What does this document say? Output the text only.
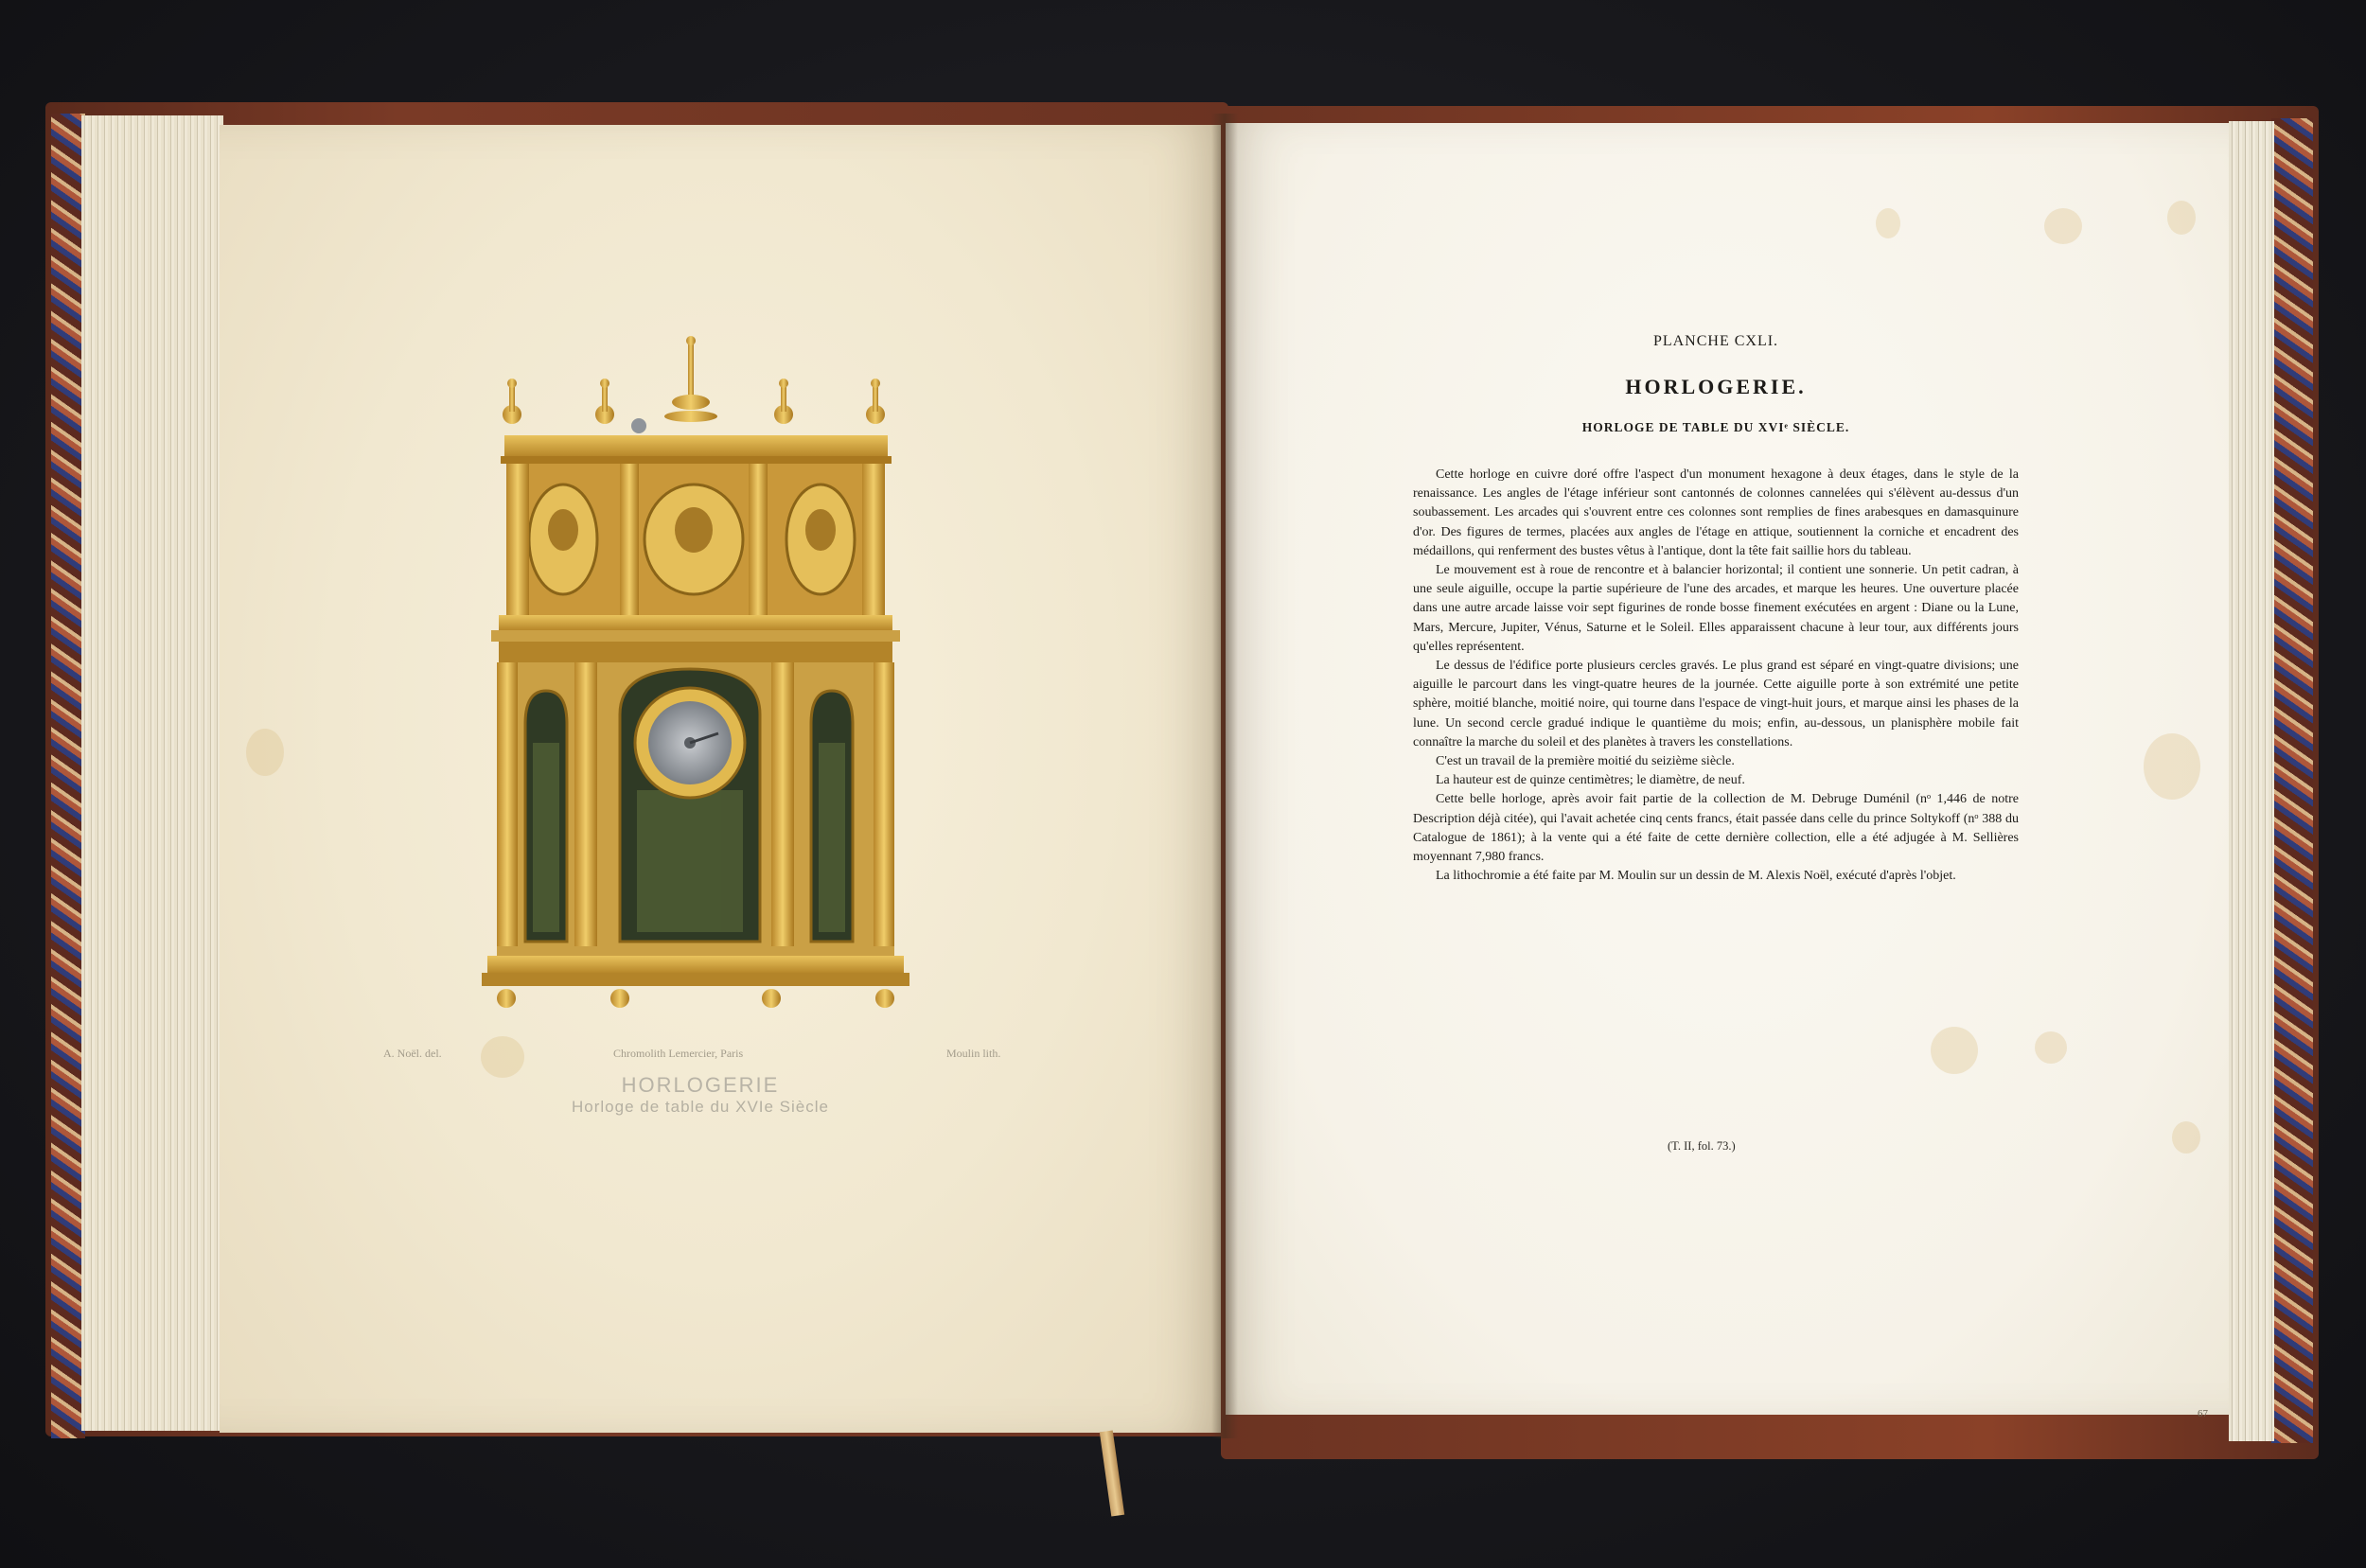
A. Noël. del.	Chromolith Lemercier, Paris	Moulin lith.
HORLOGERIE
Horloge de table du XVIe Siècle

PLANCHE CXLI.

HORLOGERIE.

HORLOGE DE TABLE DU XVIᵉ SIÈCLE.

Cette horloge en cuivre doré offre l'aspect d'un monument hexagone à deux étages, dans le style de la renaissance. Les angles de l'étage inférieur sont cantonnés de colonnes cannelées qui s'élèvent au-dessus d'un soubassement. Les arcades qui s'ouvrent entre ces colonnes sont remplies de fines arabesques en damasquinure d'or. Des figures de termes, placées aux angles de l'étage en attique, soutiennent la corniche et encadrent des médaillons, qui renferment des bustes vêtus à l'antique, dont la tête fait saillie hors du tableau.

Le mouvement est à roue de rencontre et à balancier horizontal; il contient une sonnerie. Un petit cadran, à une seule aiguille, occupe la partie supérieure de l'une des arcades, et marque les heures. Une ouverture placée dans une autre arcade laisse voir sept figurines de ronde bosse finement exécutées en argent : Diane ou la Lune, Mars, Mercure, Jupiter, Vénus, Saturne et le Soleil. Elles apparaissent chacune à leur tour, aux différents jours qu'elles représentent.

Le dessus de l'édifice porte plusieurs cercles gravés. Le plus grand est séparé en vingt-quatre divisions; une aiguille le parcourt dans les vingt-quatre heures de la journée. Cette aiguille porte à son extrémité une petite sphère, moitié blanche, moitié noire, qui tourne dans l'espace de vingt-huit jours, et marque ainsi les phases de la lune. Un second cercle gradué indique le quantième du mois; enfin, au-dessous, un planisphère mobile fait connaître la marche du soleil et des planètes à travers les constellations.

C'est un travail de la première moitié du seizième siècle.

La hauteur est de quinze centimètres; le diamètre, de neuf.

Cette belle horloge, après avoir fait partie de la collection de M. Debruge Duménil (nᵒ 1,446 de notre Description déjà citée), qui l'avait achetée cinq cents francs, était passée dans celle du prince Soltykoff (nᵒ 388 du Catalogue de 1861); à la vente qui a été faite de cette dernière collection, elle a été adjugée à M. Sellières moyennant 7,980 francs.

La lithochromie a été faite par M. Moulin sur un dessin de M. Alexis Noël, exécuté d'après l'objet.

(T. II, fol. 73.)
67
